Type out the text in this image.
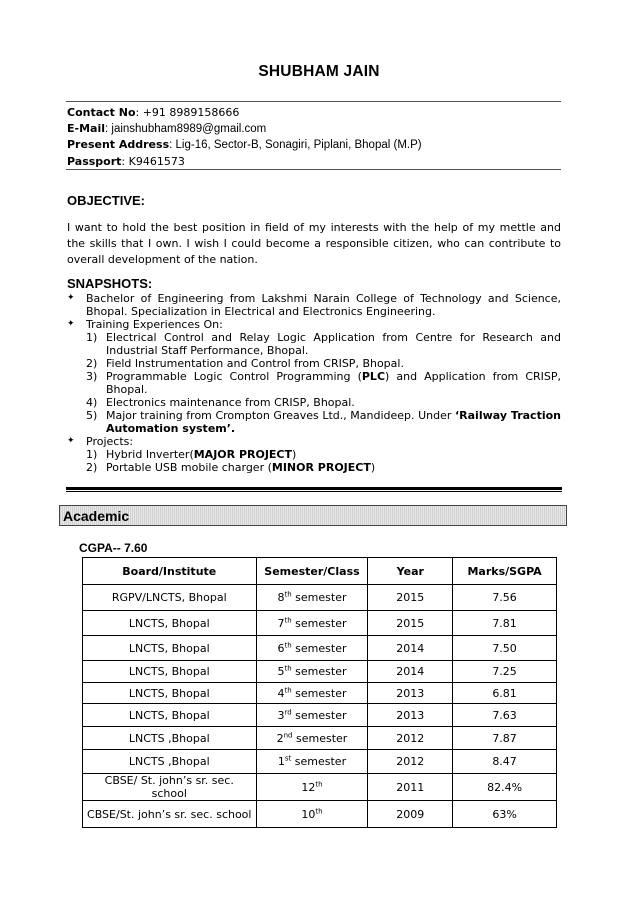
SHUBHAM JAIN
Contact No: +91 8989158666
E-Mail: jainshubham8989@gmail.com
Present Address: Lig-16, Sector-B, Sonagiri, Piplani, Bhopal (M.P)
Passport: K9461573
OBJECTIVE:
I want to hold the best position in field of my interests with the help of my mettle and the skills that I own. I wish I could become a responsible citizen, who can contribute to overall development of the nation.
SNAPSHOTS:
✦ Bachelor of Engineering from Lakshmi Narain College of Technology and Science, Bhopal. Specialization in Electrical and Electronics Engineering.
✦ Training Experiences On:
1) Electrical Control and Relay Logic Application from Centre for Research and Industrial Staff Performance, Bhopal.
2) Field Instrumentation and Control from CRISP, Bhopal.
3) Programmable Logic Control Programming (PLC) and Application from CRISP, Bhopal.
4) Electronics maintenance from CRISP, Bhopal.
5) Major training from Crompton Greaves Ltd., Mandideep. Under ‘Railway Traction Automation system’.
✦ Projects:
1) Hybrid Inverter(MAJOR PROJECT)
2) Portable USB mobile charger (MINOR PROJECT)
Academic
CGPA-- 7.60
Board/Institute	Semester/Class	Year	Marks/SGPA
RGPV/LNCTS, Bhopal	8th semester	2015	7.56
LNCTS, Bhopal	7th semester	2015	7.81
LNCTS, Bhopal	6th semester	2014	7.50
LNCTS, Bhopal	5th semester	2014	7.25
LNCTS, Bhopal	4th semester	2013	6.81
LNCTS, Bhopal	3rd semester	2013	7.63
LNCTS ,Bhopal	2nd semester	2012	7.87
LNCTS ,Bhopal	1st semester	2012	8.47
CBSE/ St. john’s sr. sec. school	12th	2011	82.4%
CBSE/St. john’s sr. sec. school	10th	2009	63%
